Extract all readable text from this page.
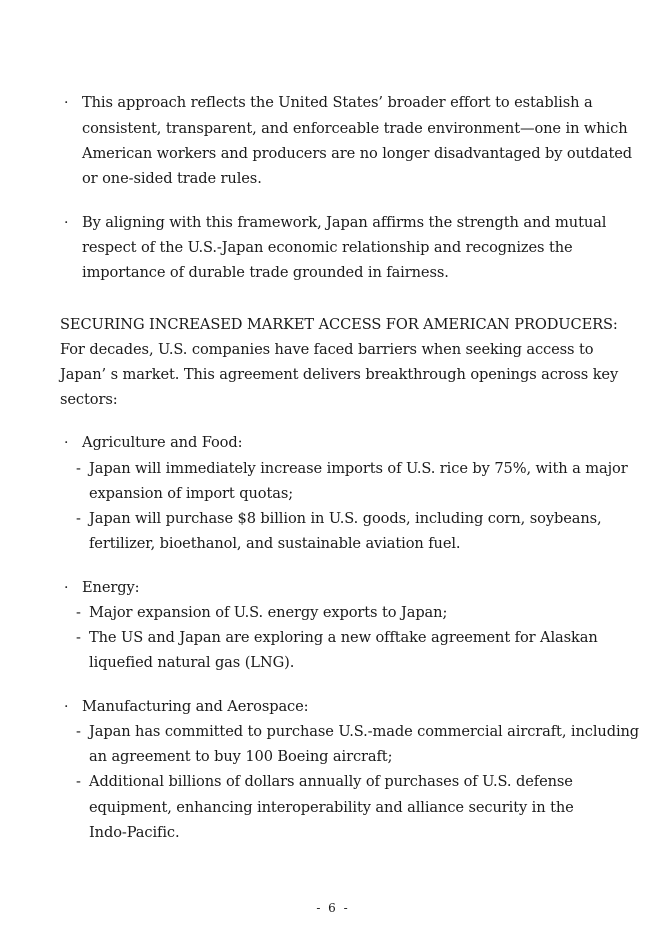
· This approach reflects the United States’ broader effort to establish a
consistent, transparent, and enforceable trade environment—one in which
American workers and producers are no longer disadvantaged by outdated
or one-sided trade rules.
· By aligning with this framework, Japan affirms the strength and mutual
respect of the U.S.-Japan economic relationship and recognizes the
importance of durable trade grounded in fairness.
SECURING INCREASED MARKET ACCESS FOR AMERICAN PRODUCERS:
For decades, U.S. companies have faced barriers when seeking access to
Japan’ s market. This agreement delivers breakthrough openings across key
sectors:
· Agriculture and Food:
- Japan will immediately increase imports of U.S. rice by 75%, with a major
expansion of import quotas;
- Japan will purchase $8 billion in U.S. goods, including corn, soybeans,
fertilizer, bioethanol, and sustainable aviation fuel.
· Energy:
- Major expansion of U.S. energy exports to Japan;
- The US and Japan are exploring a new offtake agreement for Alaskan
liquefied natural gas (LNG).
· Manufacturing and Aerospace:
- Japan has committed to purchase U.S.-made commercial aircraft, including
an agreement to buy 100 Boeing aircraft;
- Additional billions of dollars annually of purchases of U.S. defense
equipment, enhancing interoperability and alliance security in the
Indo-Pacific.
- 6 -
